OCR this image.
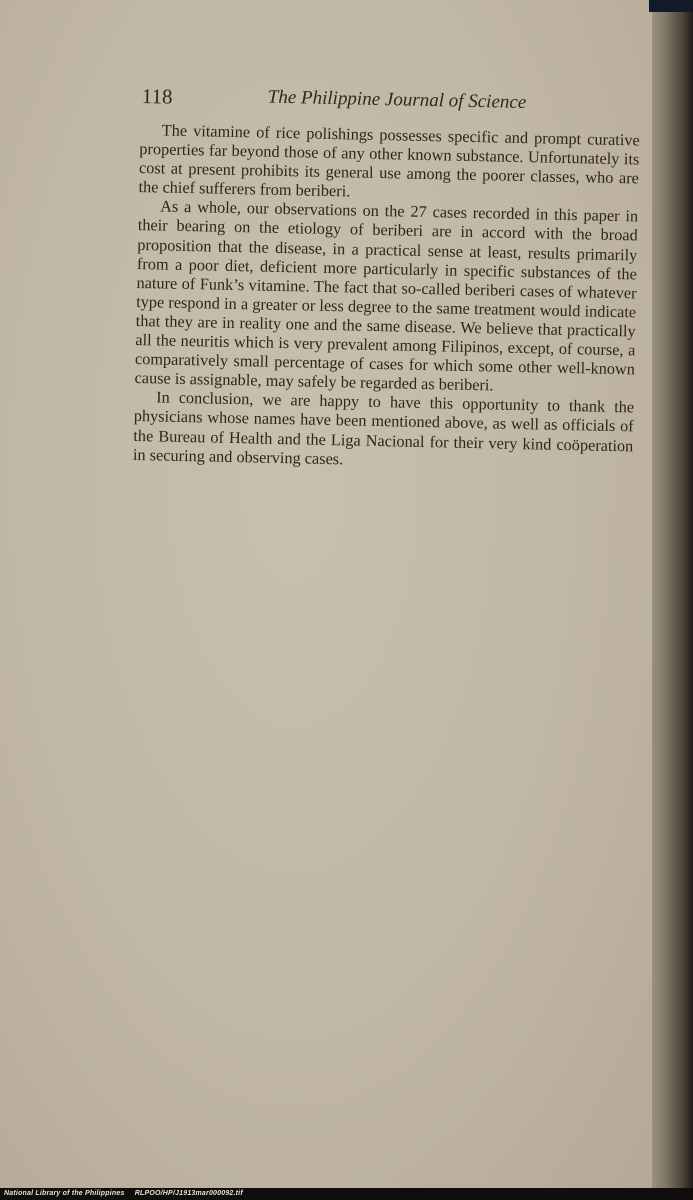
118	The Philippine Journal of Science

The vitamine of rice polishings possesses specific and prompt curative properties far beyond those of any other known substance. Unfortunately its cost at present prohibits its general use among the poorer classes, who are the chief sufferers from beriberi.

As a whole, our observations on the 27 cases recorded in this paper in their bearing on the etiology of beriberi are in accord with the broad proposition that the disease, in a practical sense at least, results primarily from a poor diet, deficient more particularly in specific substances of the nature of Funk’s vitamine. The fact that so-called beriberi cases of whatever type respond in a greater or less degree to the same treatment would indicate that they are in reality one and the same disease. We believe that practically all the neuritis which is very prevalent among Filipinos, except, of course, a comparatively small percentage of cases for which some other well-known cause is assignable, may safely be regarded as beriberi.

In conclusion, we are happy to have this opportunity to thank the physicians whose names have been mentioned above, as well as officials of the Bureau of Health and the Liga Nacional for their very kind coöperation in securing and observing cases.

National Library of the Philippines RLPOO/HP/J1913mar000092.tif
